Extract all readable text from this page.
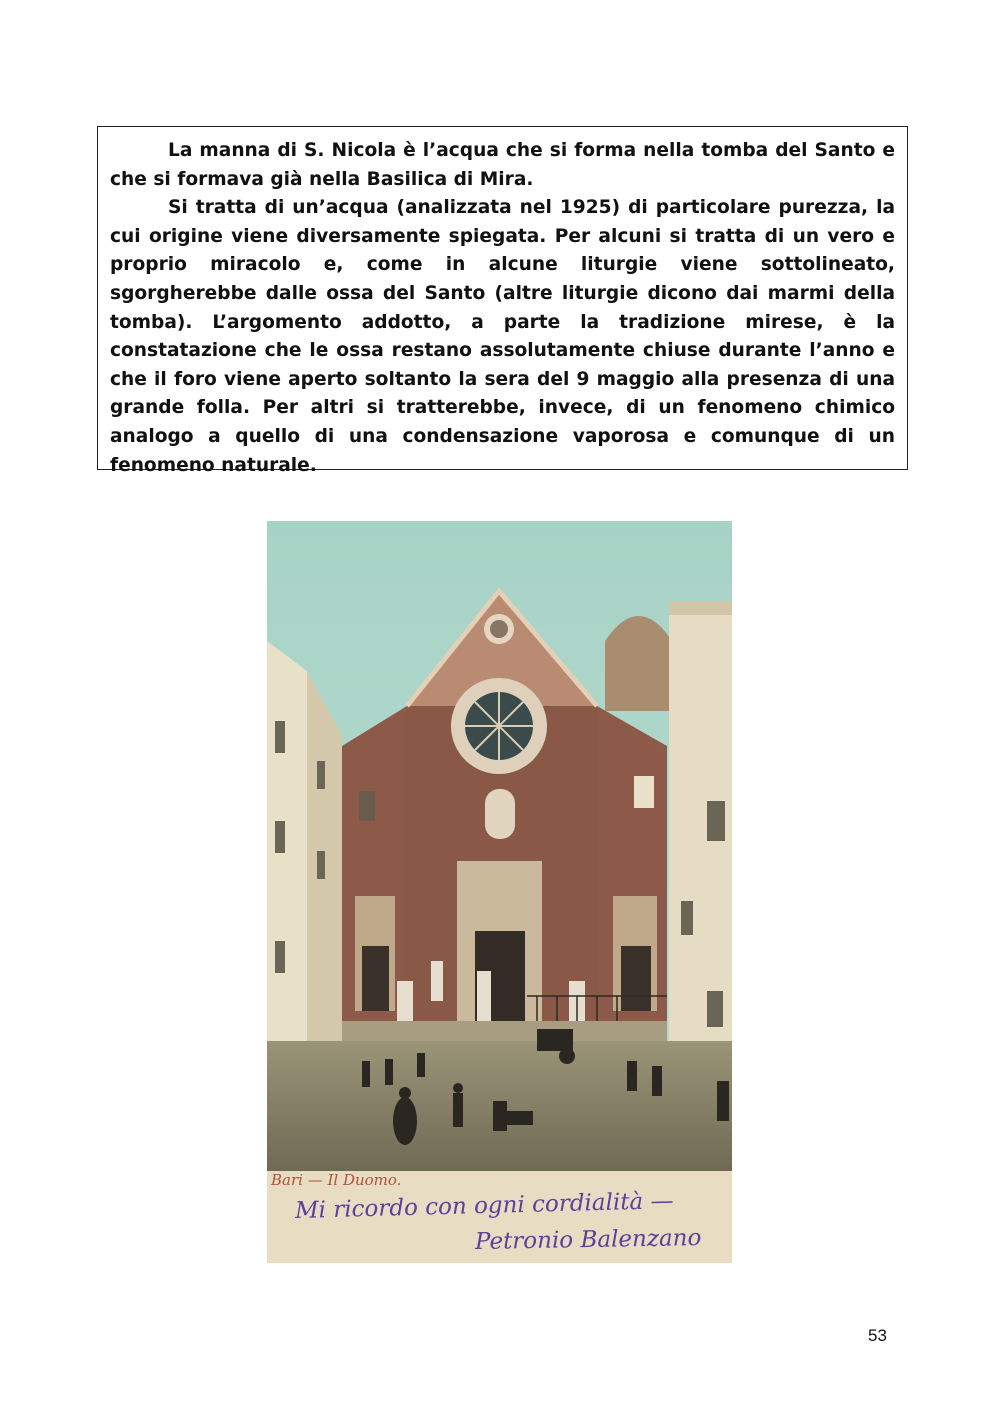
La manna di S. Nicola è l’acqua che si forma nella tomba del Santo e che si formava già nella Basilica di Mira.

Si tratta di un’acqua (analizzata nel 1925) di particolare purezza, la cui origine viene diversamente spiegata. Per alcuni si tratta di un vero e proprio miracolo e, come in alcune liturgie viene sottolineato, sgorgherebbe dalle ossa del Santo (altre liturgie dicono dai marmi della tomba). L’argomento addotto, a parte la tradizione mirese, è la constatazione che le ossa restano assolutamente chiuse durante l’anno e che il foro viene aperto soltanto la sera del 9 maggio alla presenza di una grande folla. Per altri si tratterebbe, invece, di un fenomeno chimico analogo a quello di una condensazione vaporosa e comunque di un fenomeno naturale.

Bari — Il Duomo.
Mi ricordo con ogni cordialità —
Petronio Balenzano
53
